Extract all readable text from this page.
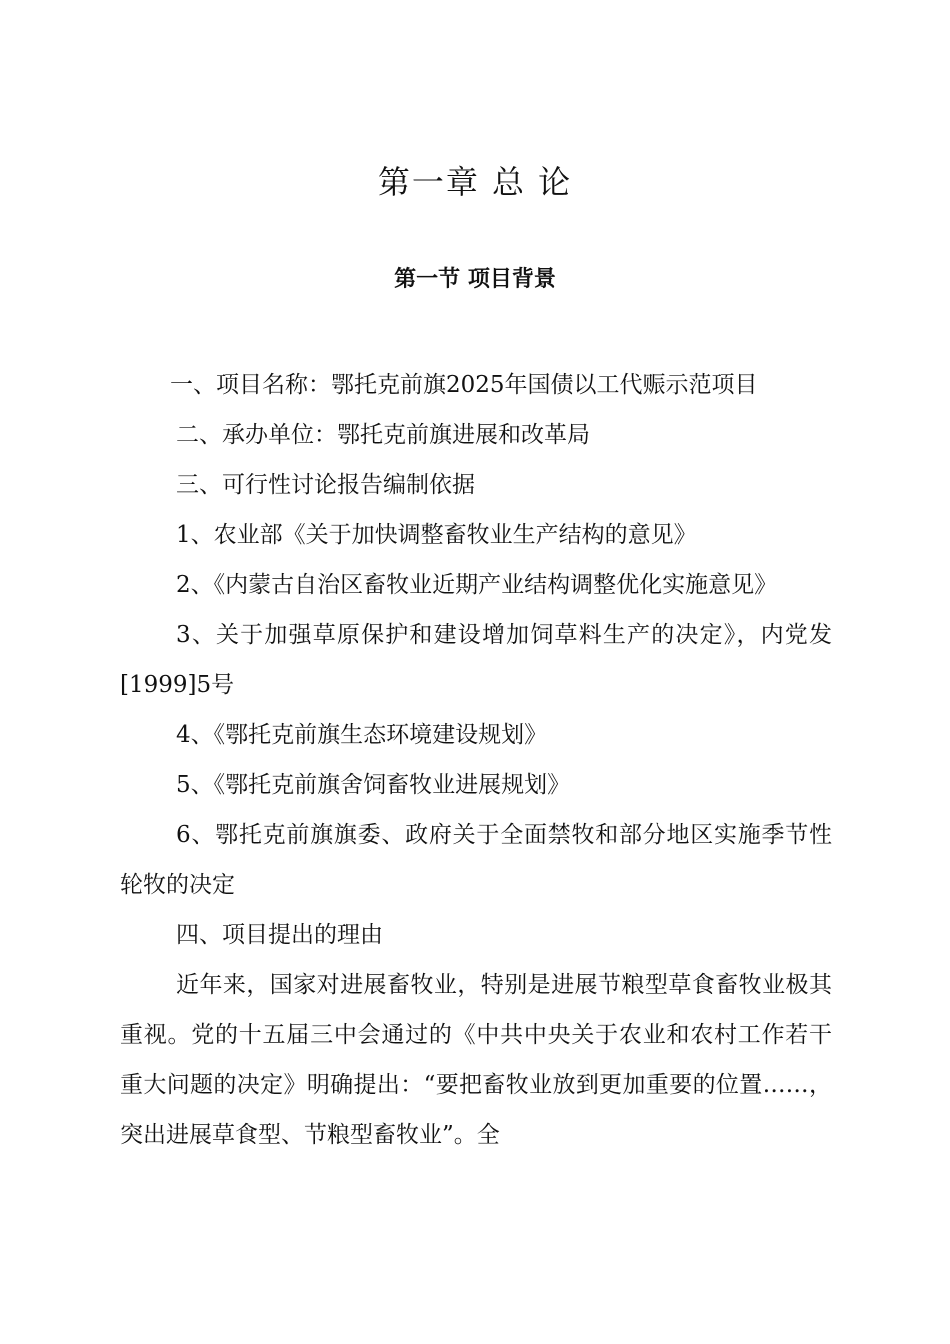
第一章 总 论
第一节 项目背景

一、项目名称：鄂托克前旗2025年国债以工代赈示范项目

二、承办单位：鄂托克前旗进展和改革局

三、可行性讨论报告编制依据

1、农业部《关于加快调整畜牧业生产结构的意见》

2、《内蒙古自治区畜牧业近期产业结构调整优化实施意见》

3、关于加强草原保护和建设增加饲草料生产的决定》，内党发[1999]5号

4、《鄂托克前旗生态环境建设规划》

5、《鄂托克前旗舍饲畜牧业进展规划》

6、鄂托克前旗旗委、政府关于全面禁牧和部分地区实施季节性轮牧的决定

四、项目提出的理由

近年来，国家对进展畜牧业，特别是进展节粮型草食畜牧业极其重视。党的十五届三中会通过的《中共中央关于农业和农村工作若干重大问题的决定》明确提出：“要把畜牧业放到更加重要的位置……，突出进展草食型、节粮型畜牧业”。全
